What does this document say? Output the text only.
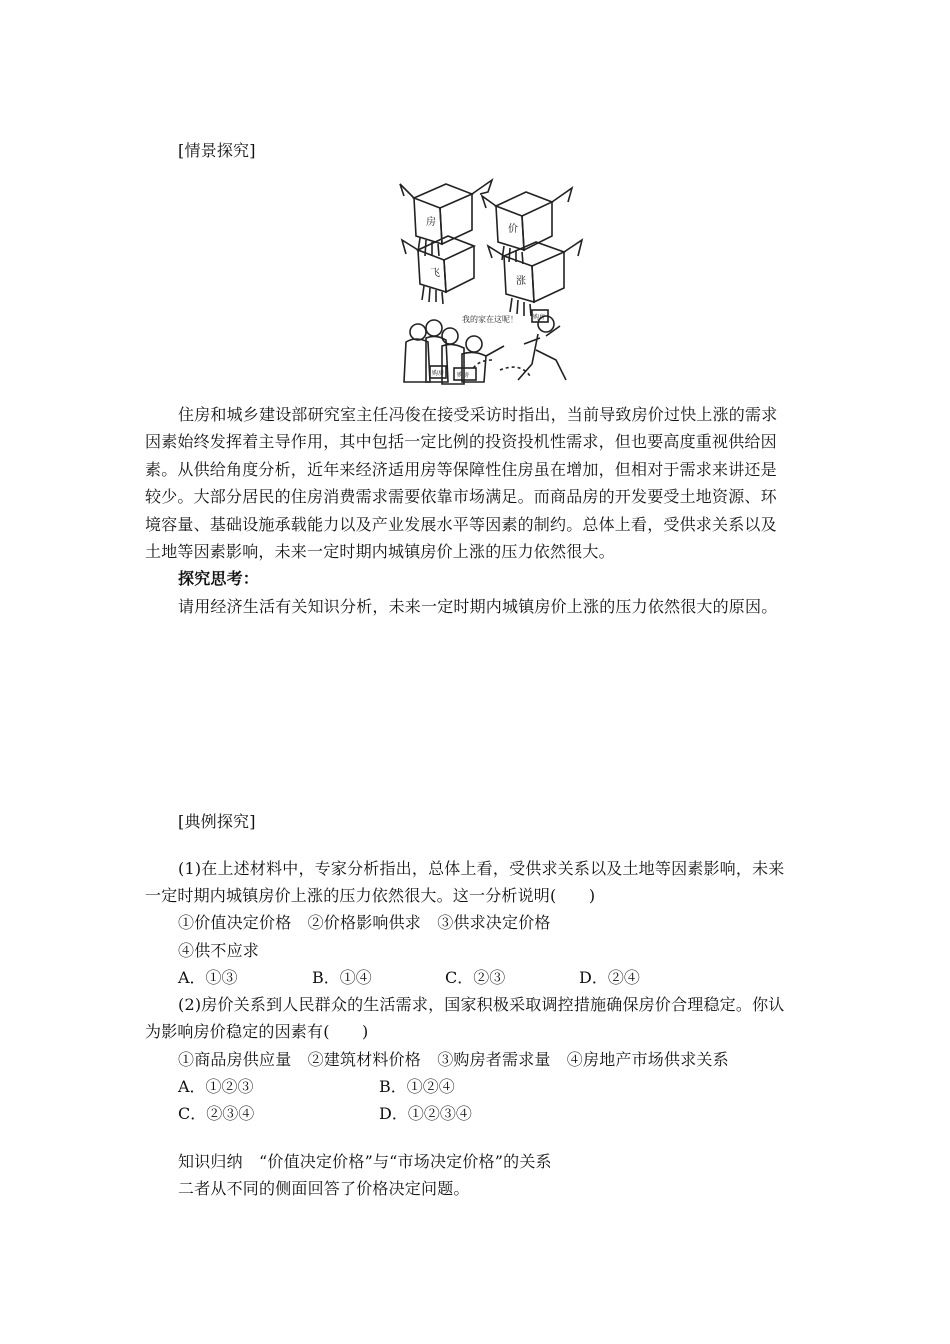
[情景探究]
房
价
飞
涨
我的家在这呢！
购房 购房
购房
住房和城乡建设部研究室主任冯俊在接受采访时指出，当前导致房价过快上涨的需求
因素始终发挥着主导作用，其中包括一定比例的投资投机性需求，但也要高度重视供给因
素。从供给角度分析，近年来经济适用房等保障性住房虽在增加，但相对于需求来讲还是
较少。大部分居民的住房消费需求需要依靠市场满足。而商品房的开发要受土地资源、环
境容量、基础设施承载能力以及产业发展水平等因素的制约。总体上看，受供求关系以及
土地等因素影响，未来一定时期内城镇房价上涨的压力依然很大。
探究思考：
请用经济生活有关知识分析，未来一定时期内城镇房价上涨的压力依然很大的原因。
[典例探究]
(1)在上述材料中，专家分析指出，总体上看，受供求关系以及土地等因素影响，未来
一定时期内城镇房价上涨的压力依然很大。这一分析说明(　　)
①价值决定价格　②价格影响供求　③供求决定价格
④供不应求
A．①③	B．①④	C．②③	D．②④
(2)房价关系到人民群众的生活需求，国家积极采取调控措施确保房价合理稳定。你认
为影响房价稳定的因素有(　　)
①商品房供应量　②建筑材料价格　③购房者需求量　④房地产市场供求关系
A．①②③	B．①②④
C．②③④	D．①②③④
知识归纳　“价值决定价格”与“市场决定价格”的关系
二者从不同的侧面回答了价格决定问题。
